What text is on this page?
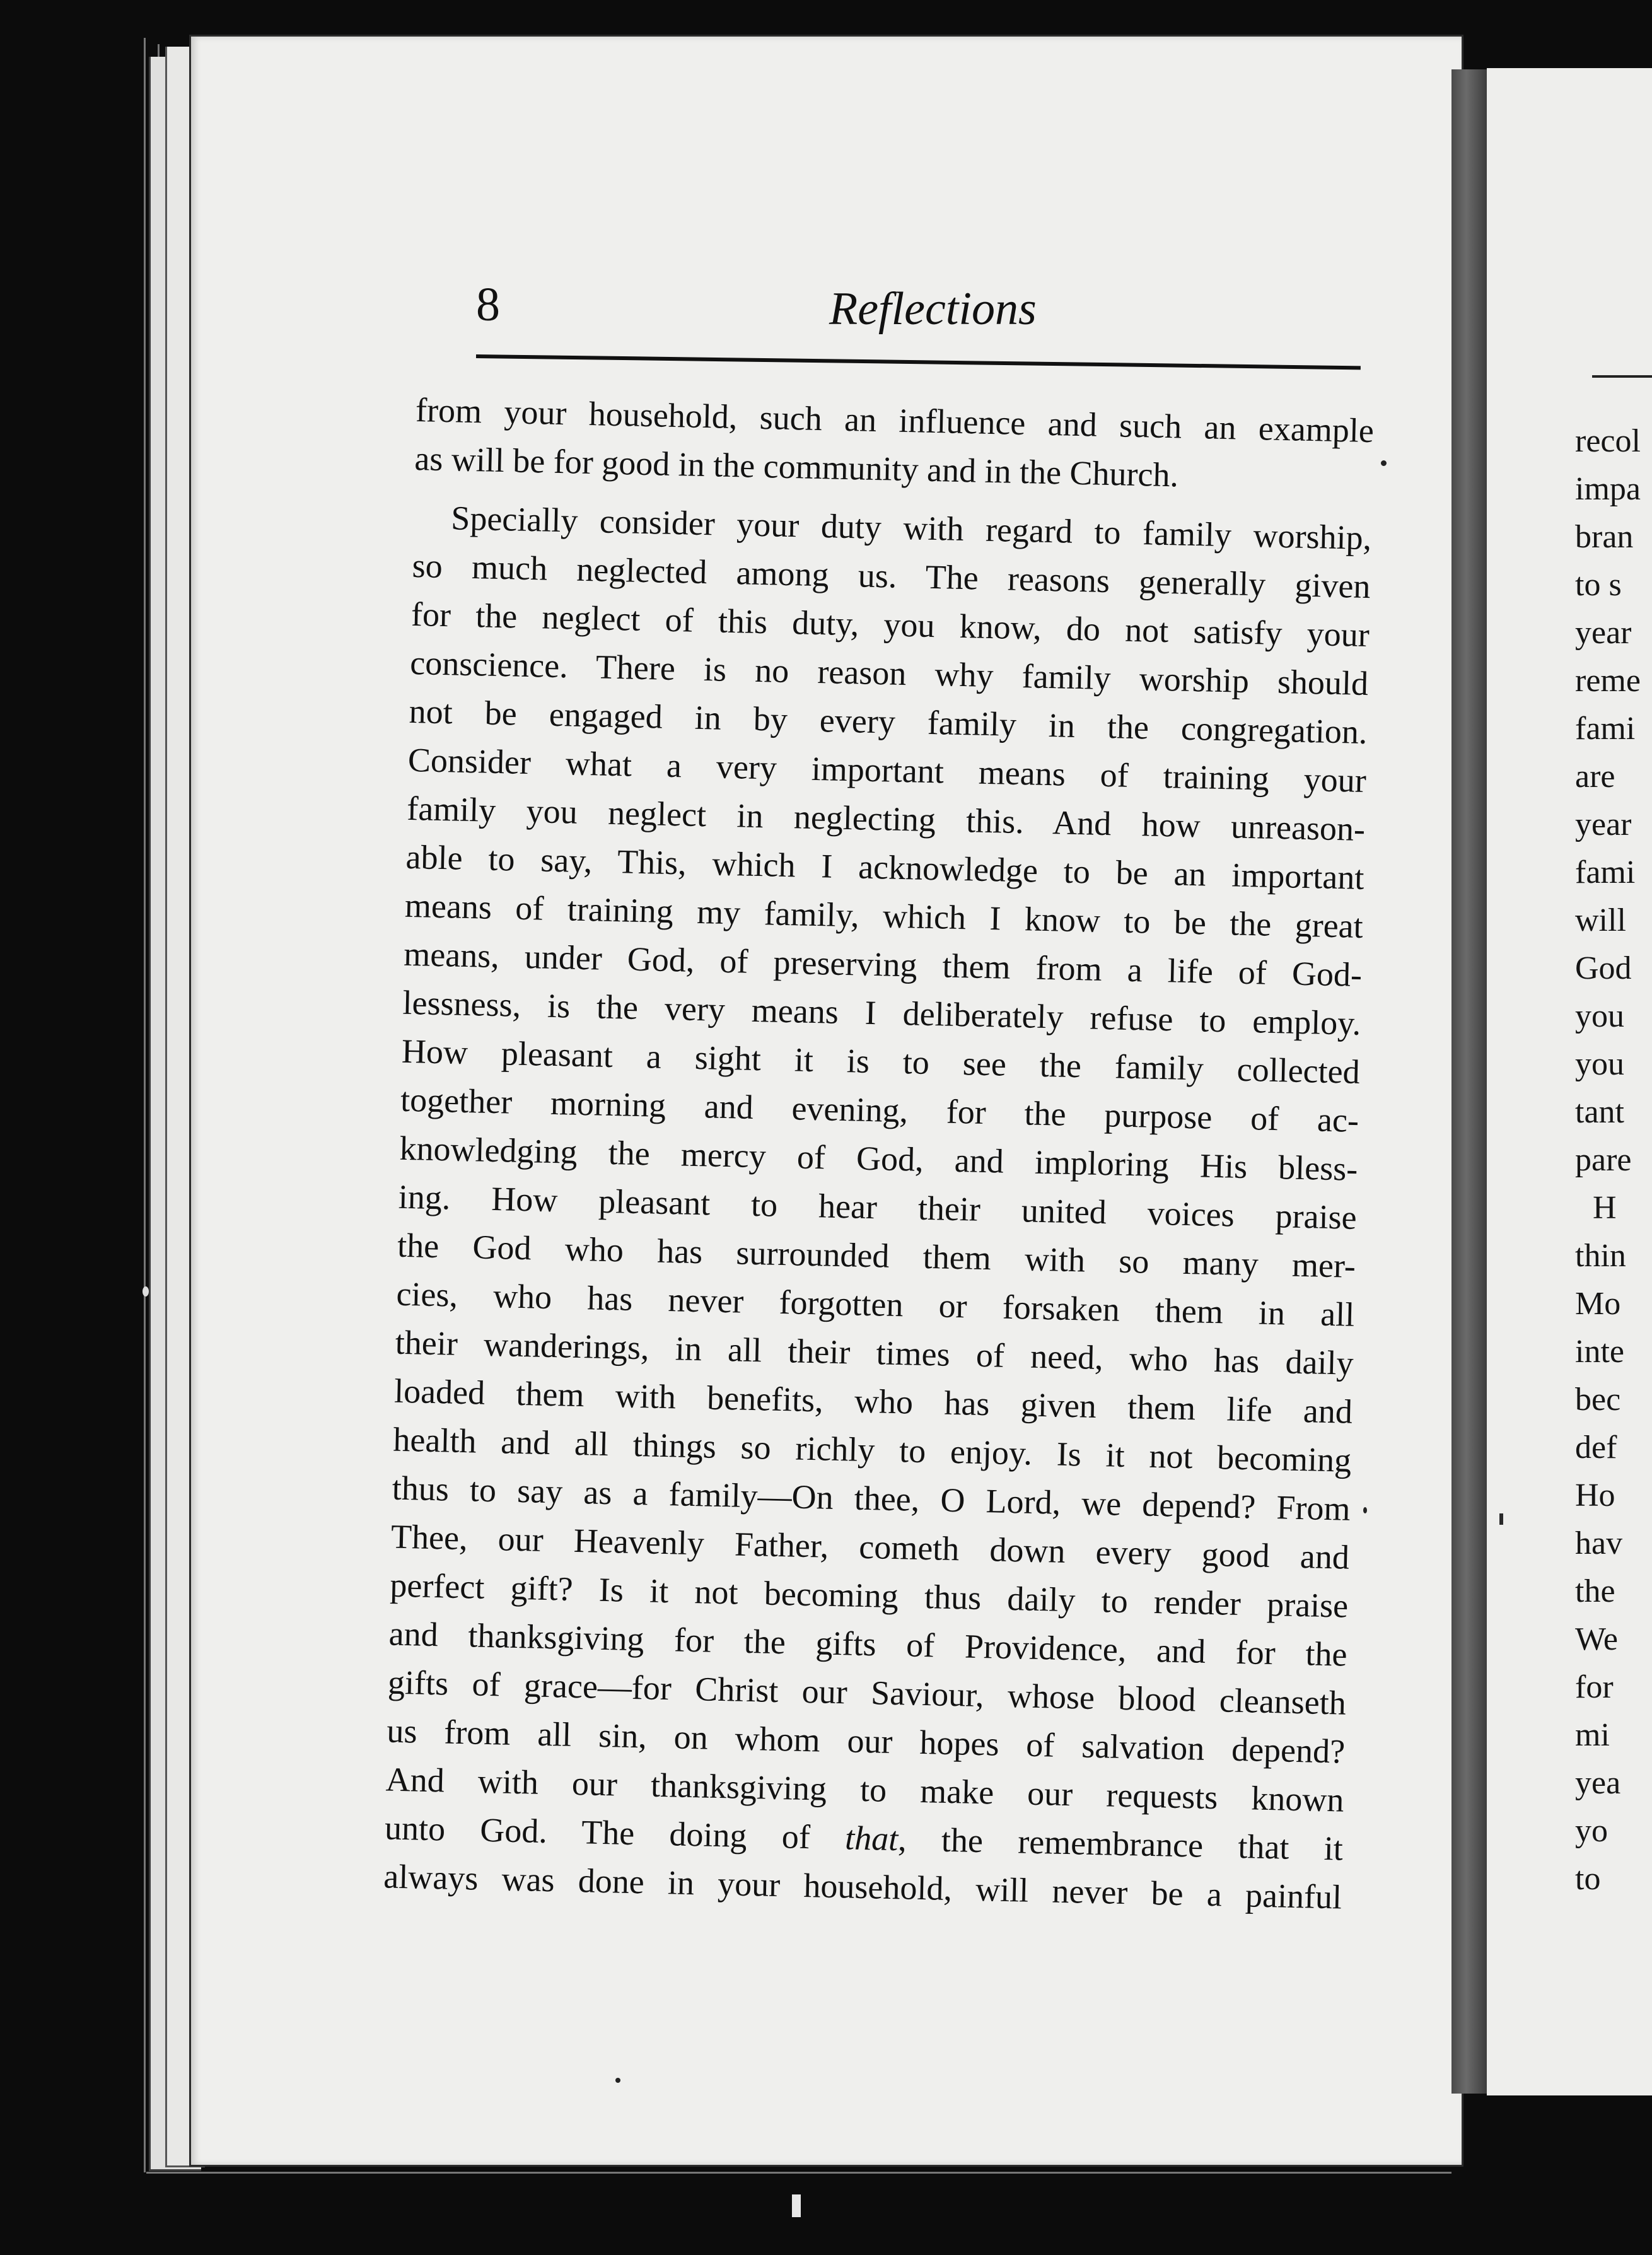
8	Reflections
from your household, such an influence and such an example
as will be for good in the community and in the Church.
Specially consider your duty with regard to family worship,
so much neglected among us. The reasons generally given
for the neglect of this duty, you know, do not satisfy your
conscience. There is no reason why family worship should
not be engaged in by every family in the congregation.
Consider what a very important means of training your
family you neglect in neglecting this. And how unreason-
able to say, This, which I acknowledge to be an important
means of training my family, which I know to be the great
means, under God, of preserving them from a life of God-
lessness, is the very means I deliberately refuse to employ.
How pleasant a sight it is to see the family collected
together morning and evening, for the purpose of ac-
knowledging the mercy of God, and imploring His bless-
ing. How pleasant to hear their united voices praise
the God who has surrounded them with so many mer-
cies, who has never forgotten or forsaken them in all
their wanderings, in all their times of need, who has daily
loaded them with benefits, who has given them life and
health and all things so richly to enjoy. Is it not becoming
thus to say as a family—On thee, O Lord, we depend? From
Thee, our Heavenly Father, cometh down every good and
perfect gift? Is it not becoming thus daily to render praise
and thanksgiving for the gifts of Providence, and for the
gifts of grace—for Christ our Saviour, whose blood cleanseth
us from all sin, on whom our hopes of salvation depend?
And with our thanksgiving to make our requests known
unto God. The doing of that, the remembrance that it
always was done in your household, will never be a painful
recol
impa
bran
to s
year
reme
fami
are
year
fami
will
God
you
you
tant
pare
H
thin
Mo
inte
bec
def
Ho
hav
the
We
for
mi
yea
yo
to
